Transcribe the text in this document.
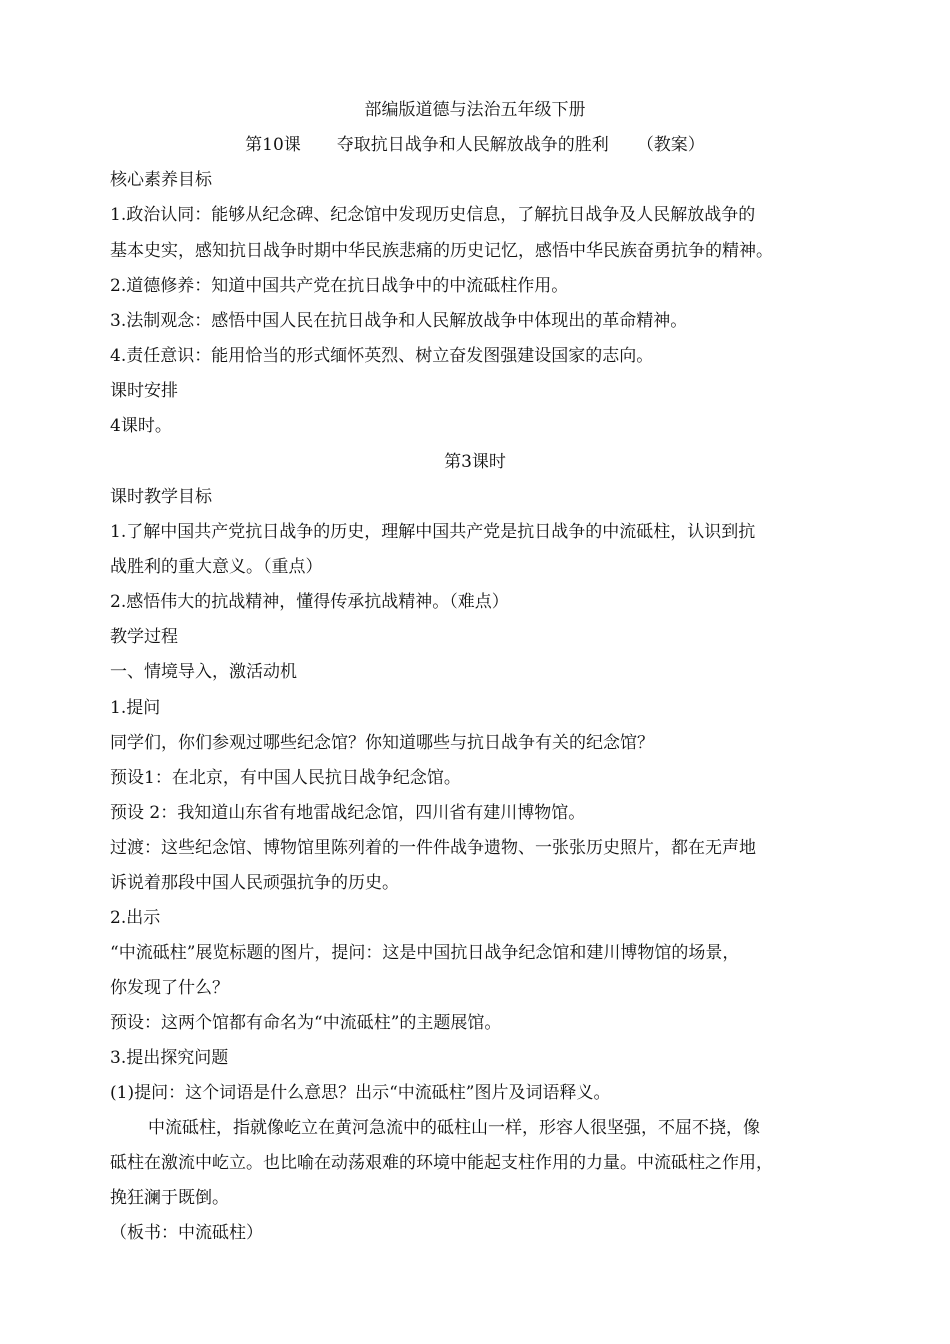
部编版道德与法治五年级下册
第10课 夺取抗日战争和人民解放战争的胜利 （教案）
核心素养目标
1.政治认同：能够从纪念碑、纪念馆中发现历史信息，了解抗日战争及人民解放战争的
基本史实，感知抗日战争时期中华民族悲痛的历史记忆，感悟中华民族奋勇抗争的精神。
2.道德修养：知道中国共产党在抗日战争中的中流砥柱作用。
3.法制观念：感悟中国人民在抗日战争和人民解放战争中体现出的革命精神。
4.责任意识：能用恰当的形式缅怀英烈、树立奋发图强建设国家的志向。
课时安排
4课时。
第3课时
课时教学目标
1.了解中国共产党抗日战争的历史，理解中国共产党是抗日战争的中流砥柱，认识到抗
战胜利的重大意义。（重点）
2.感悟伟大的抗战精神，懂得传承抗战精神。（难点）
教学过程
一、情境导入，激活动机
1.提问
同学们，你们参观过哪些纪念馆？你知道哪些与抗日战争有关的纪念馆？
预设1：在北京，有中国人民抗日战争纪念馆。
预设 2：我知道山东省有地雷战纪念馆，四川省有建川博物馆。
过渡：这些纪念馆、博物馆里陈列着的一件件战争遗物、一张张历史照片，都在无声地
诉说着那段中国人民顽强抗争的历史。
2.出示
“中流砥柱”展览标题的图片，提问：这是中国抗日战争纪念馆和建川博物馆的场景，
你发现了什么？
预设：这两个馆都有命名为“中流砥柱”的主题展馆。
3.提出探究问题
(1)提问：这个词语是什么意思？出示“中流砥柱”图片及词语释义。
中流砥柱，指就像屹立在黄河急流中的砥柱山一样，形容人很坚强，不屈不挠，像
砥柱在激流中屹立。也比喻在动荡艰难的环境中能起支柱作用的力量。中流砥柱之作用，
挽狂澜于既倒。
（板书：中流砥柱）
